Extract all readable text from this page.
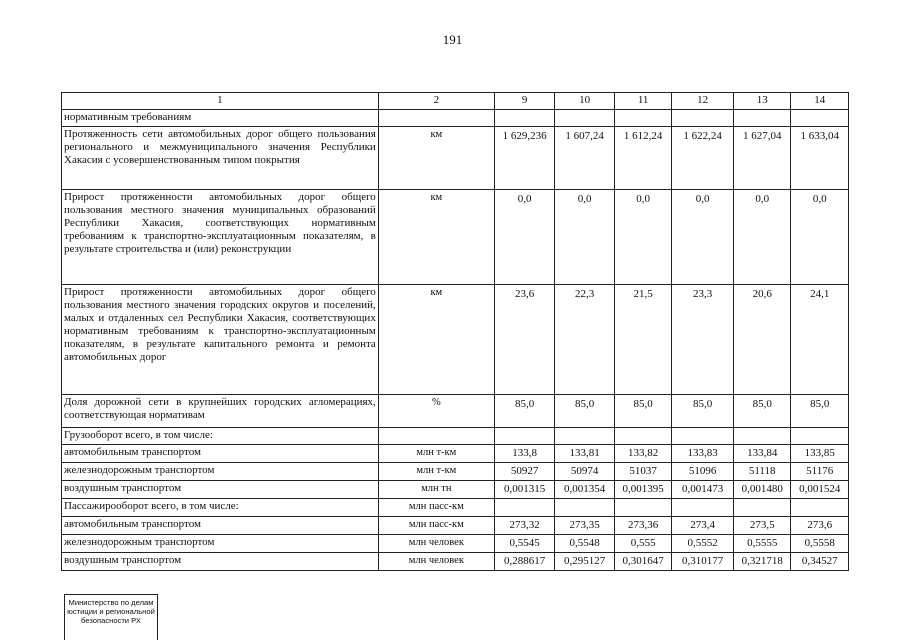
191
1	2	9	10	11	12	13	14
нормативным требованиям							
Протяженность сети автомобильных дорог общего пользования регионального и межмуниципального значения Республики Хакасия с усовершенствованным типом покрытия	км	1 629,236	1 607,24	1 612,24	1 622,24	1 627,04	1 633,04
Прирост протяженности автомобильных дорог общего пользования местного значения муниципальных образований Республики Хакасия, соответствующих нормативным требованиям к транспортно-эксплуатационным показателям, в результате строительства и (или) реконструкции	км	0,0	0,0	0,0	0,0	0,0	0,0
Прирост протяженности автомобильных дорог общего пользования местного значения городских округов и поселений, малых и отдаленных сел Республики Хакасия, соответствующих нормативным требованиям к транспортно-эксплуатационным показателям, в результате капитального ремонта и ремонта автомобильных дорог	км	23,6	22,3	21,5	23,3	20,6	24,1
Доля дорожной сети в крупнейших городских агломерациях, соответствующая нормативам	%	85,0	85,0	85,0	85,0	85,0	85,0
Грузооборот всего, в том числе:							
автомобильным транспортом	млн т-км	133,8	133,81	133,82	133,83	133,84	133,85
железнодорожным транспортом	млн т-км	50927	50974	51037	51096	51118	51176
воздушным транспортом	млн тн	0,001315	0,001354	0,001395	0,001473	0,001480	0,001524
Пассажирооборот всего, в том числе:	млн пасс-км						
автомобильным транспортом	млн пасс-км	273,32	273,35	273,36	273,4	273,5	273,6
железнодорожным транспортом	млн человек	0,5545	0,5548	0,555	0,5552	0,5555	0,5558
воздушным транспортом	млн человек	0,288617	0,295127	0,301647	0,310177	0,321718	0,34527
Министерство по делам
юстиции и региональной
безопасности РХ
